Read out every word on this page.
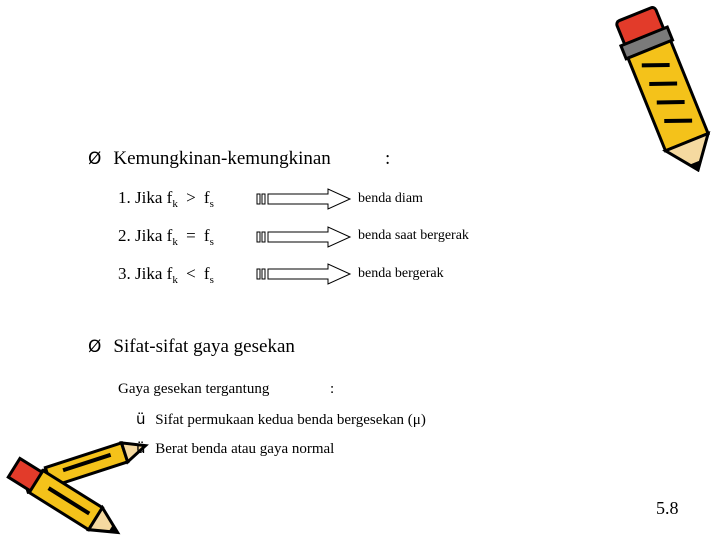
Ø Kemungkinan-kemungkinan	:
1. Jika $f_k > f_s$
2. Jika $f_k = f_s$
3. Jika $f_k < f_s$
benda diam
benda saat bergerak
benda bergerak
Ø Sifat-sifat gaya gesekan
Gaya gesekan tergantung	:
ü Sifat permukaan kedua benda bergesekan (μ)
ü Berat benda atau gaya normal
5.8
